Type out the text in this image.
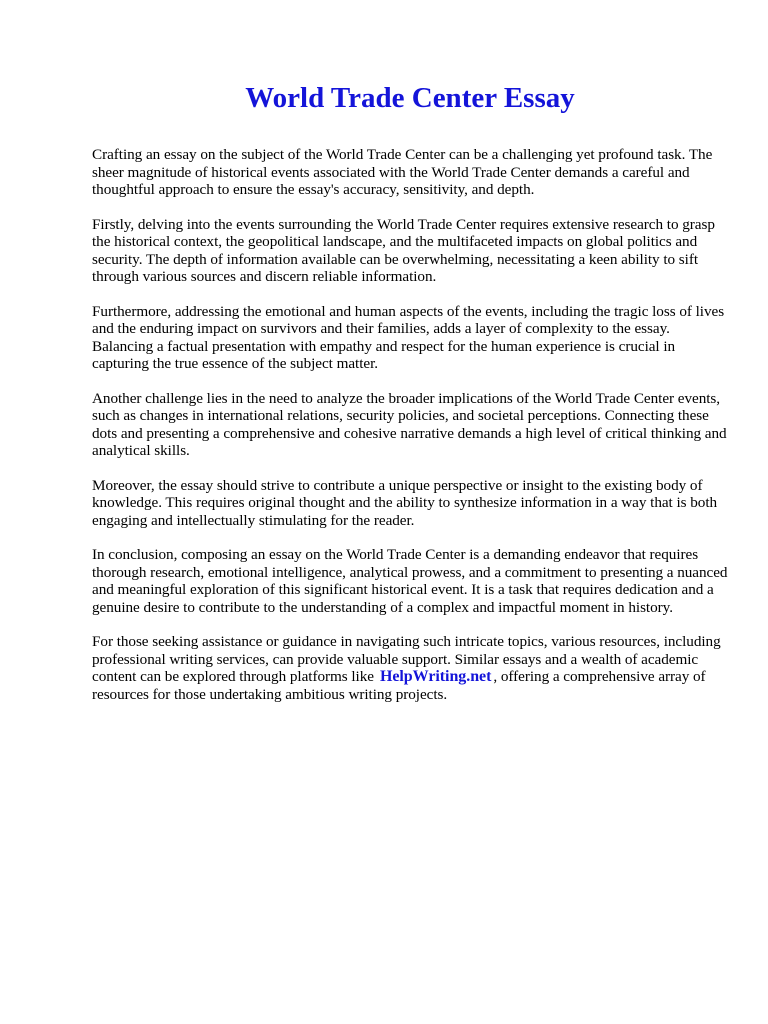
World Trade Center Essay

Crafting an essay on the subject of the World Trade Center can be a challenging yet profound task. The sheer magnitude of historical events associated with the World Trade Center demands a careful and thoughtful approach to ensure the essay's accuracy, sensitivity, and depth.

Firstly, delving into the events surrounding the World Trade Center requires extensive research to grasp the historical context, the geopolitical landscape, and the multifaceted impacts on global politics and security. The depth of information available can be overwhelming, necessitating a keen ability to sift through various sources and discern reliable information.

Furthermore, addressing the emotional and human aspects of the events, including the tragic loss of lives and the enduring impact on survivors and their families, adds a layer of complexity to the essay. Balancing a factual presentation with empathy and respect for the human experience is crucial in capturing the true essence of the subject matter.

Another challenge lies in the need to analyze the broader implications of the World Trade Center events, such as changes in international relations, security policies, and societal perceptions. Connecting these dots and presenting a comprehensive and cohesive narrative demands a high level of critical thinking and analytical skills.

Moreover, the essay should strive to contribute a unique perspective or insight to the existing body of knowledge. This requires original thought and the ability to synthesize information in a way that is both engaging and intellectually stimulating for the reader.

In conclusion, composing an essay on the World Trade Center is a demanding endeavor that requires thorough research, emotional intelligence, analytical prowess, and a commitment to presenting a nuanced and meaningful exploration of this significant historical event. It is a task that requires dedication and a genuine desire to contribute to the understanding of a complex and impactful moment in history.

For those seeking assistance or guidance in navigating such intricate topics, various resources, including professional writing services, can provide valuable support. Similar essays and a wealth of academic content can be explored through platforms like HelpWriting.net , offering a comprehensive array of resources for those undertaking ambitious writing projects.
